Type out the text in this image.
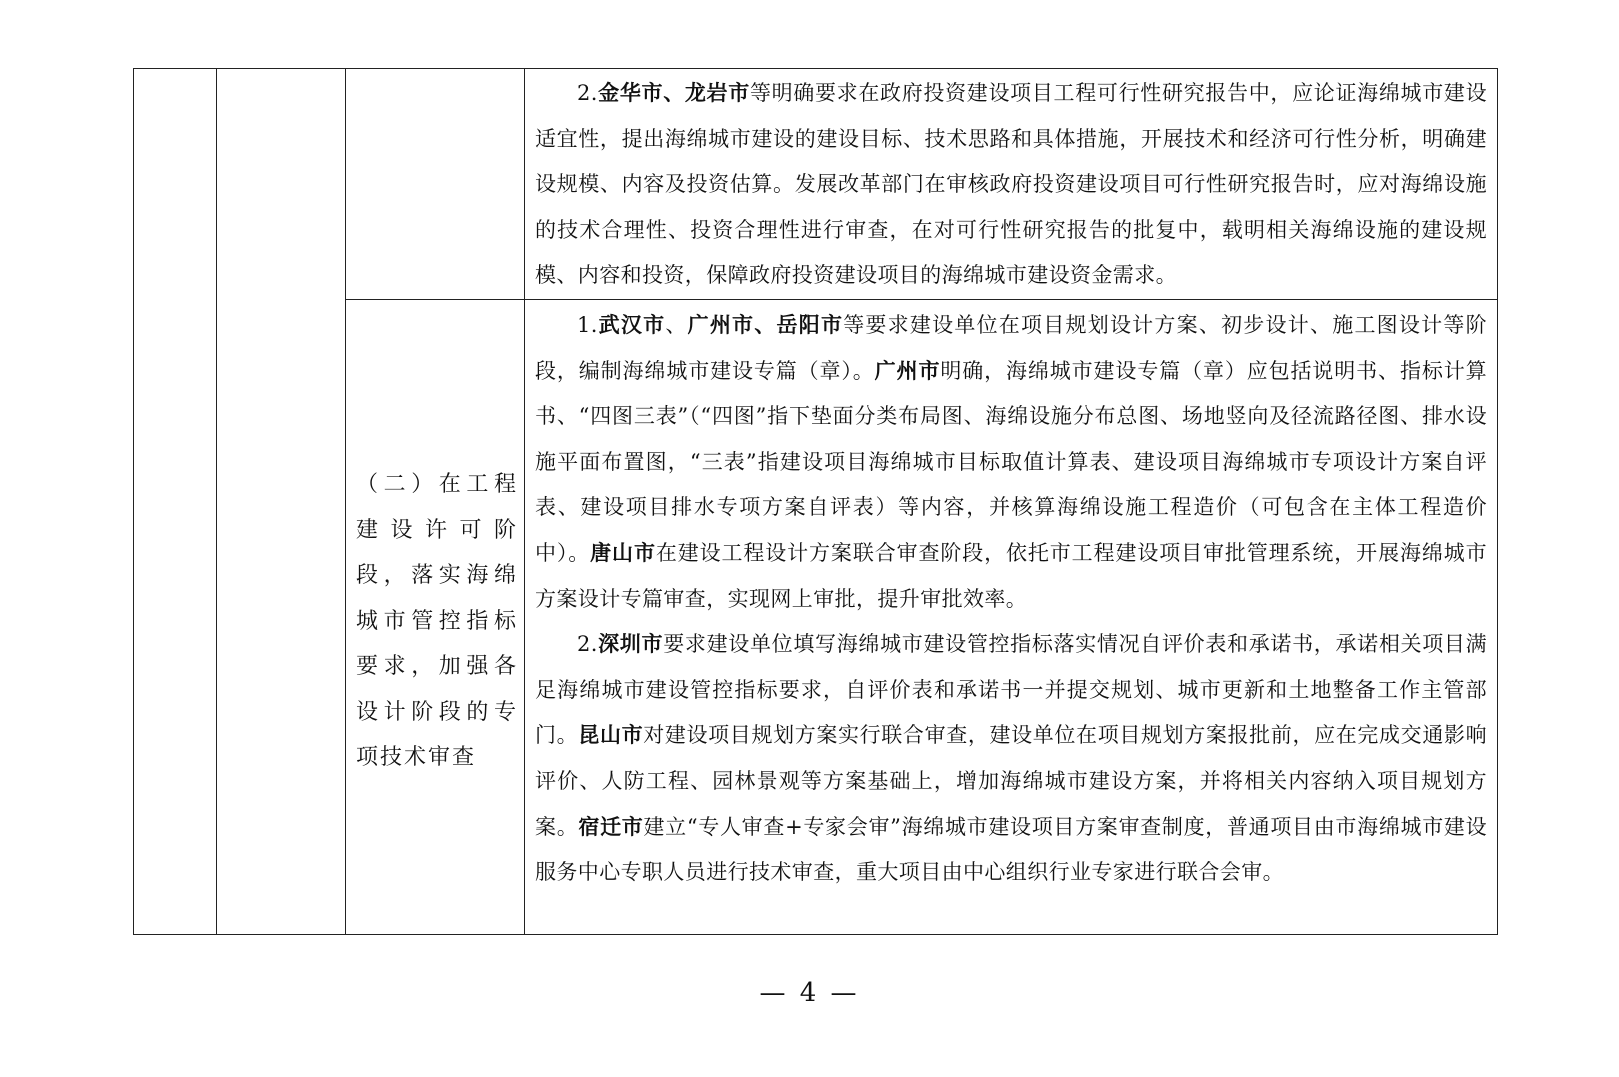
2.金华市、龙岩市等明确要求在政府投资建设项目工程可行性研究报告中，应论证海绵城市建设适宜性，提出海绵城市建设的建设目标、技术思路和具体措施，开展技术和经济可行性分析，明确建设规模、内容及投资估算。发展改革部门在审核政府投资建设项目可行性研究报告时，应对海绵设施的技术合理性、投资合理性进行审查，在对可行性研究报告的批复中，载明相关海绵设施的建设规模、内容和投资，保障政府投资建设项目的海绵城市建设资金需求。

（二）在工程建设许可阶段，落实海绵城市管控指标要求，加强各设计阶段的专项技术审查

1.武汉市、广州市、岳阳市等要求建设单位在项目规划设计方案、初步设计、施工图设计等阶段，编制海绵城市建设专篇（章）。广州市明确，海绵城市建设专篇（章）应包括说明书、指标计算书、“四图三表”（“四图”指下垫面分类布局图、海绵设施分布总图、场地竖向及径流路径图、排水设施平面布置图，“三表”指建设项目海绵城市目标取值计算表、建设项目海绵城市专项设计方案自评表、建设项目排水专项方案自评表）等内容，并核算海绵设施工程造价（可包含在主体工程造价中）。唐山市在建设工程设计方案联合审查阶段，依托市工程建设项目审批管理系统，开展海绵城市方案设计专篇审查，实现网上审批，提升审批效率。

2.深圳市要求建设单位填写海绵城市建设管控指标落实情况自评价表和承诺书，承诺相关项目满足海绵城市建设管控指标要求，自评价表和承诺书一并提交规划、城市更新和土地整备工作主管部门。昆山市对建设项目规划方案实行联合审查，建设单位在项目规划方案报批前，应在完成交通影响评价、人防工程、园林景观等方案基础上，增加海绵城市建设方案，并将相关内容纳入项目规划方案。宿迁市建立“专人审查+专家会审”海绵城市建设项目方案审查制度，普通项目由市海绵城市建设服务中心专职人员进行技术审查，重大项目由中心组织行业专家进行联合会审。

— 4 —
